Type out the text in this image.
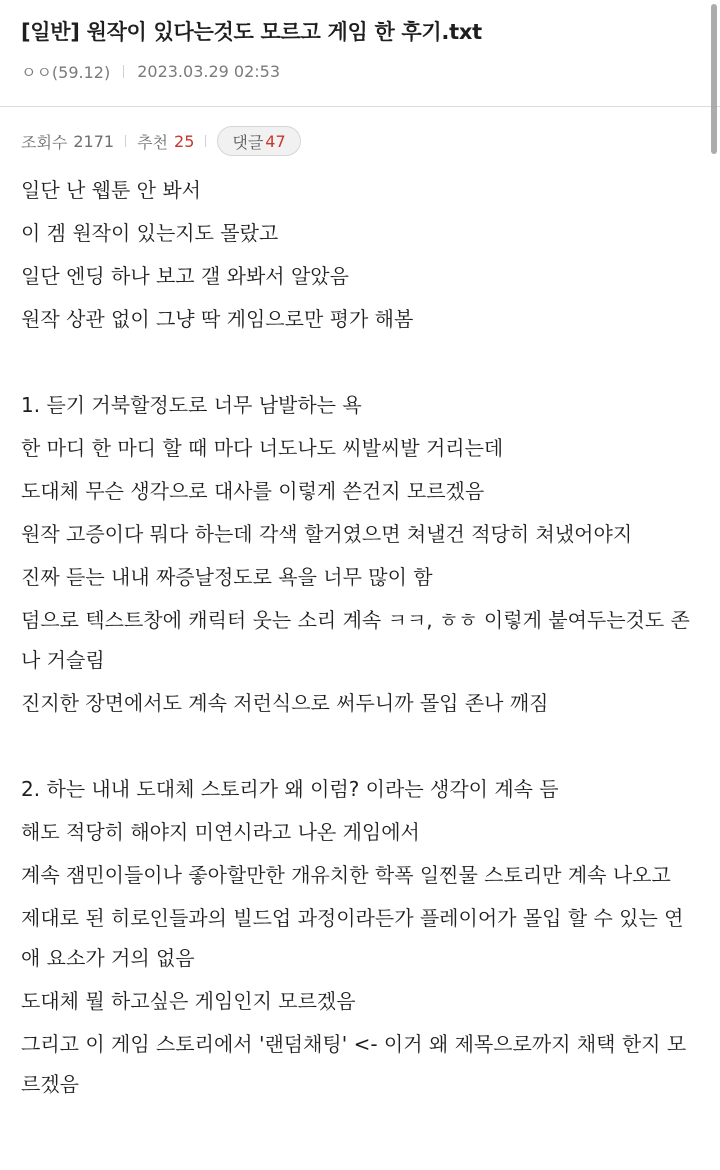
[일반] 원작이 있다는것도 모르고 게임 한 후기.txt
ㅇㅇ(59.12) 2023.03.29 02:53
조회수 2171 추천 25 댓글 47
일단 난 웹툰 안 봐서
이 겜 원작이 있는지도 몰랐고
일단 엔딩 하나 보고 갤 와봐서 알았음
원작 상관 없이 그냥 딱 게임으로만 평가 해봄
1. 듣기 거북할정도로 너무 남발하는 욕
한 마디 한 마디 할 때 마다 너도나도 씨발씨발 거리는데
도대체 무슨 생각으로 대사를 이렇게 쓴건지 모르겠음
원작 고증이다 뭐다 하는데 각색 할거였으면 쳐낼건 적당히 쳐냈어야지
진짜 듣는 내내 짜증날정도로 욕을 너무 많이 함
덤으로 텍스트창에 캐릭터 웃는 소리 계속 ㅋㅋ, ㅎㅎ 이렇게 붙여두는것도 존나 거슬림
진지한 장면에서도 계속 저런식으로 써두니까 몰입 존나 깨짐
2. 하는 내내 도대체 스토리가 왜 이럼? 이라는 생각이 계속 듬
해도 적당히 해야지 미연시라고 나온 게임에서
계속 잼민이들이나 좋아할만한 개유치한 학폭 일찐물 스토리만 계속 나오고
제대로 된 히로인들과의 빌드업 과정이라든가 플레이어가 몰입 할 수 있는 연애 요소가 거의 없음
도대체 뭘 하고싶은 게임인지 모르겠음
그리고 이 게임 스토리에서 '랜덤채팅' <- 이거 왜 제목으로까지 채택 한지 모르겠음
